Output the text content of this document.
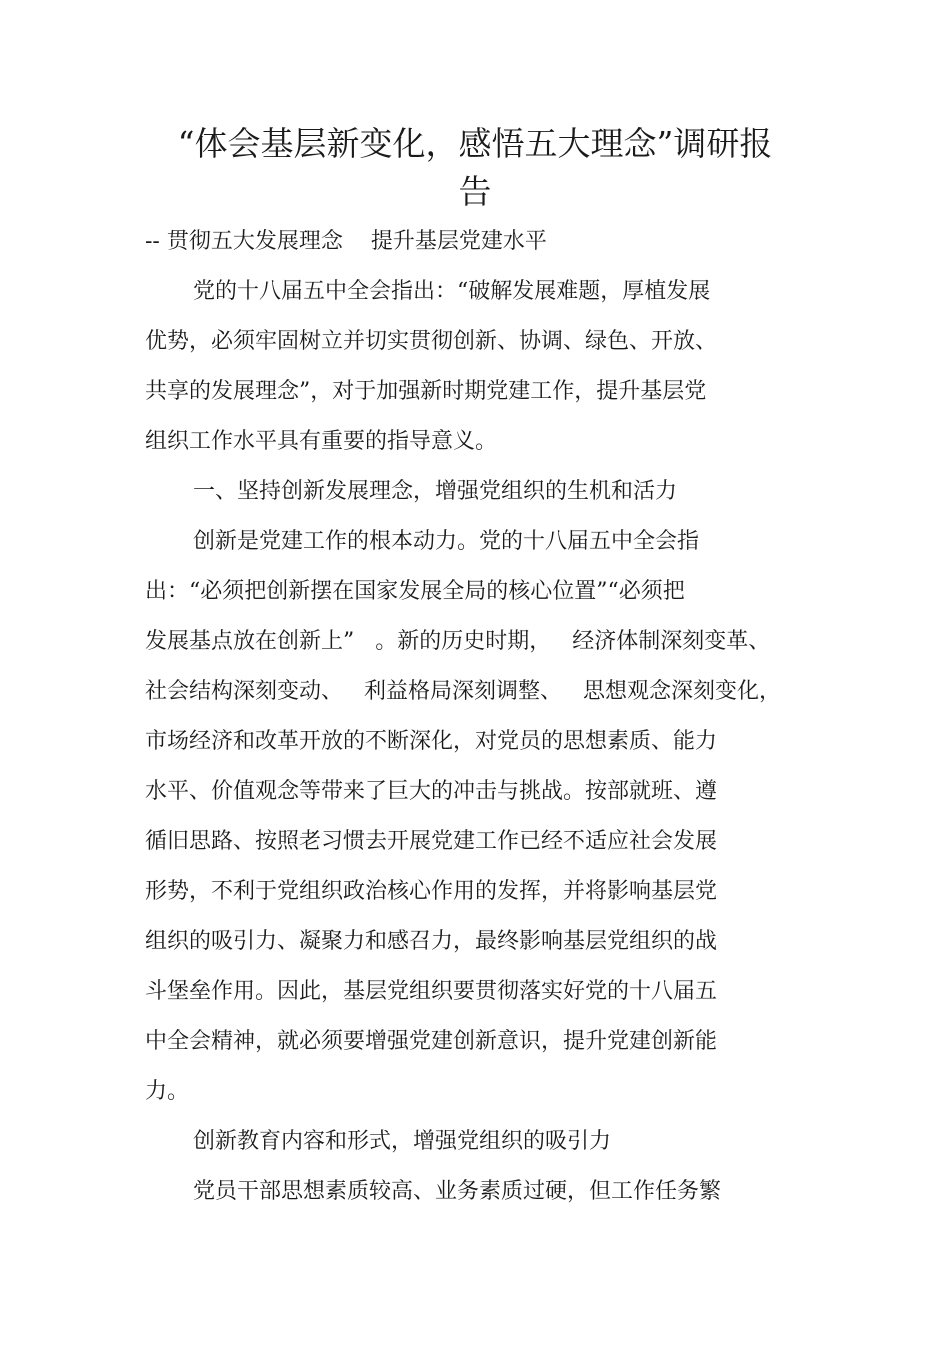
“体会基层新变化，感悟五大理念”调研报
告
-- 贯彻五大发展理念    提升基层党建水平
党的十八届五中全会指出：“破解发展难题，厚植发展
优势，必须牢固树立并切实贯彻创新、协调、绿色、开放、
共享的发展理念”，对于加强新时期党建工作，提升基层党
组织工作水平具有重要的指导意义。
一、坚持创新发展理念，增强党组织的生机和活力
创新是党建工作的根本动力。党的十八届五中全会指
出：“必须把创新摆在国家发展全局的核心位置”“必须把
发展基点放在创新上”   。新的历史时期，   经济体制深刻变革、
社会结构深刻变动、   利益格局深刻调整、   思想观念深刻变化，
市场经济和改革开放的不断深化，对党员的思想素质、能力
水平、价值观念等带来了巨大的冲击与挑战。按部就班、遵
循旧思路、按照老习惯去开展党建工作已经不适应社会发展
形势，不利于党组织政治核心作用的发挥，并将影响基层党
组织的吸引力、凝聚力和感召力，最终影响基层党组织的战
斗堡垒作用。因此，基层党组织要贯彻落实好党的十八届五
中全会精神，就必须要增强党建创新意识，提升党建创新能
力。
创新教育内容和形式，增强党组织的吸引力
党员干部思想素质较高、业务素质过硬，但工作任务繁
